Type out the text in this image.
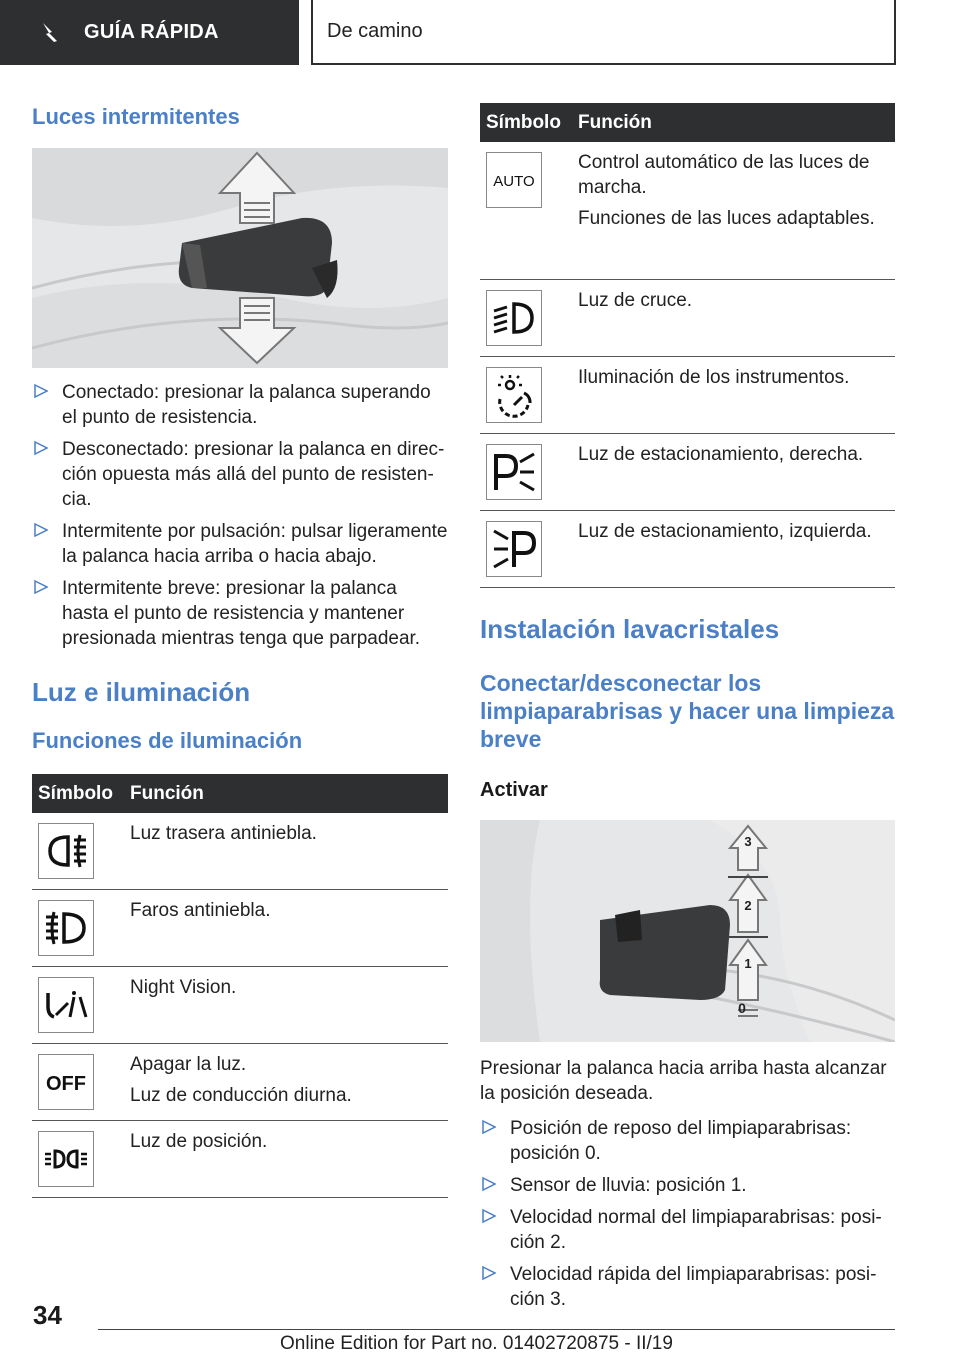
GUÍA RÁPIDA	De camino
Luces intermitentes
Conectado: presionar la palanca superando el punto de resistencia.
Desconectado: presionar la palanca en dirección opuesta más allá del punto de resistencia.
Intermitente por pulsación: pulsar ligeramente la palanca hacia arriba o hacia abajo.
Intermitente breve: presionar la palanca hasta el punto de resistencia y mantener presionada mientras tenga que parpadear.
Luz e iluminación
Funciones de iluminación
Símbolo	Función

Luz trasera antiniebla.

Faros antiniebla.

Night Vision.

OFF	Apagar la luz.
Luz de conducción diurna.

Luz de posición.
Símbolo	Función

AUTO	Control automático de las luces de marcha.
Funciones de las luces adaptables.

Luz de cruce.

Iluminación de los instrumentos.

Luz de estacionamiento, derecha.

Luz de estacionamiento, izquierda.
Instalación lavacristales
Conectar/desconectar los limpiaparabrisas y hacer una limpieza breve
Activar
3
2
1
0

Presionar la palanca hacia arriba hasta alcanzar la posición deseada.

Posición de reposo del limpiaparabrisas: posición 0.
Sensor de lluvia: posición 1.
Velocidad normal del limpiaparabrisas: posición 2.
Velocidad rápida del limpiaparabrisas: posición 3.
34
Online Edition for Part no. 01402720875 - II/19
